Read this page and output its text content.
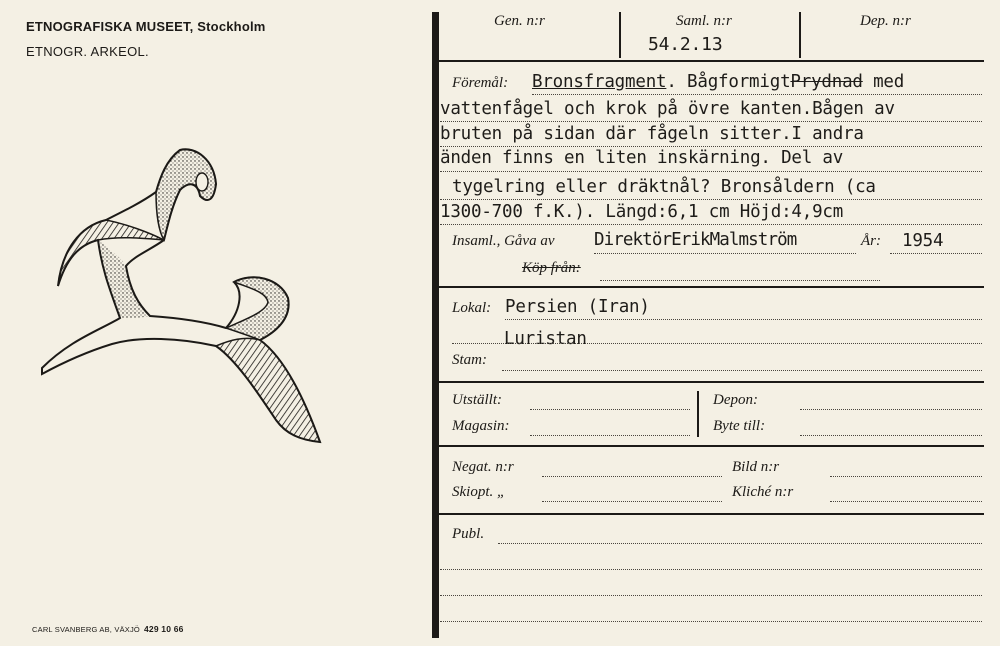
ETNOGRAFISKA MUSEET, Stockholm
ETNOGR. ARKEOL.
CARL SVANBERG AB, VÄXJÖ 429 10 66
Gen. n:r	Saml. n:r
54.2.13
Dep. n:r
Föremål: Bronsfragment. BågformigtPrydnad med
vattenfågel och krok på övre kanten.Bågen av
bruten på sidan där fågeln sitter.I andra
änden finns en liten inskärning. Del av
tygelring eller dräktnål? Bronsåldern (ca
1300-700 f.K.). Längd:6,1 cm Höjd:4,9cm
Insaml., Gåva av DirektörErikMalmström	År: 1954
Köp från:
Lokal: Persien (Iran)
Luristan
Stam:
Utställt:
Magasin:
Depon:
Byte till:
Negat. n:r
Skiopt. „
Bild n:r
Kliché n:r
Publ.
